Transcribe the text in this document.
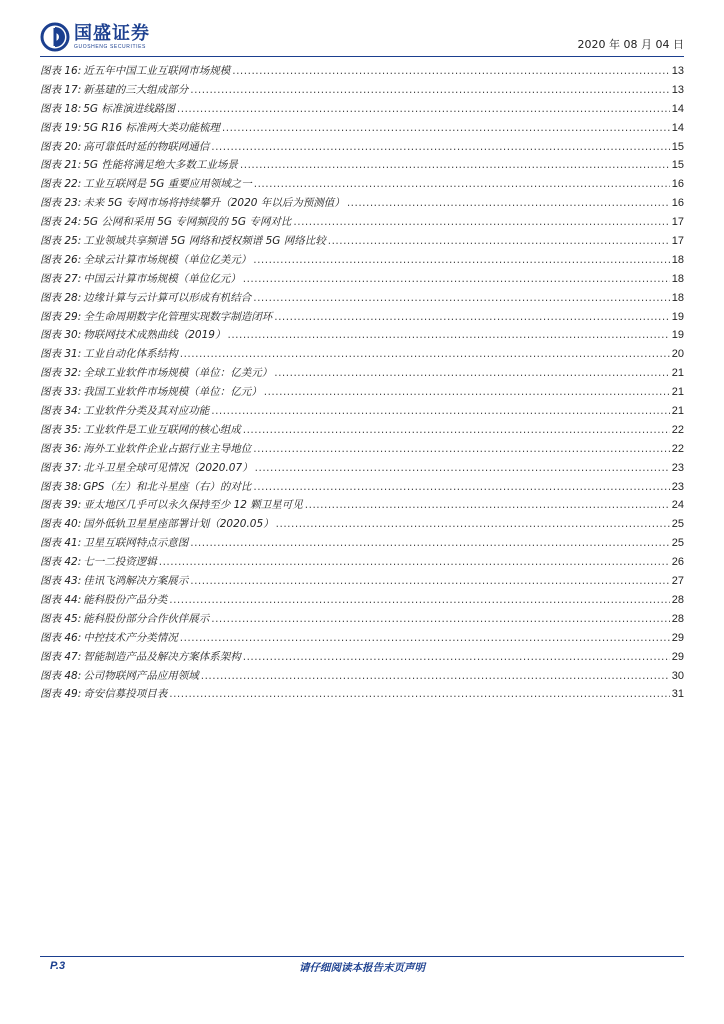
国盛证券
GUOSHENG SECURITIES	2020 年 08 月 04 日
图表 16: 近五年中国工业互联网市场规模 .....	13
图表 17: 新基建的三大组成部分 .....	13
图表 18: 5G 标准演进线路图 .....	14
图表 19: 5G R16 标准两大类功能梳理 .....	14
图表 20: 高可靠低时延的物联网通信 .....	15
图表 21: 5G 性能将满足绝大多数工业场景 .....	15
图表 22: 工业互联网是 5G 重要应用领域之一 .....	16
图表 23: 未来 5G 专网市场将持续攀升（2020 年以后为预测值） .....	16
图表 24: 5G 公网和采用 5G 专网频段的 5G 专网对比 .....	17
图表 25: 工业领域共享频谱 5G 网络和授权频谱 5G 网络比较 .....	17
图表 26: 全球云计算市场规模（单位亿美元） .....	18
图表 27: 中国云计算市场规模（单位亿元） .....	18
图表 28: 边缘计算与云计算可以形成有机结合 .....	18
图表 29: 全生命周期数字化管理实现数字制造闭环 .....	19
图表 30: 物联网技术成熟曲线（2019） .....	19
图表 31: 工业自动化体系结构 .....	20
图表 32: 全球工业软件市场规模（单位：亿美元） .....	21
图表 33: 我国工业软件市场规模（单位：亿元） .....	21
图表 34: 工业软件分类及其对应功能 .....	21
图表 35: 工业软件是工业互联网的核心组成 .....	22
图表 36: 海外工业软件企业占据行业主导地位 .....	22
图表 37: 北斗卫星全球可见情况（2020.07） .....	23
图表 38: GPS（左）和北斗星座（右）的对比 .....	23
图表 39: 亚太地区几乎可以永久保持至少 12 颗卫星可见 .....	24
图表 40: 国外低轨卫星星座部署计划（2020.05） .....	25
图表 41: 卫星互联网特点示意图 .....	25
图表 42: 七一二投资逻辑 .....	26
图表 43: 佳讯飞鸿解决方案展示 .....	27
图表 44: 能科股份产品分类 .....	28
图表 45: 能科股份部分合作伙伴展示 .....	28
图表 46: 中控技术产分类情况 .....	29
图表 47: 智能制造产品及解决方案体系架构 .....	29
图表 48: 公司物联网产品应用领域 .....	30
图表 49: 奇安信募投项目表 .....	31
P.3	请仔细阅读本报告末页声明
